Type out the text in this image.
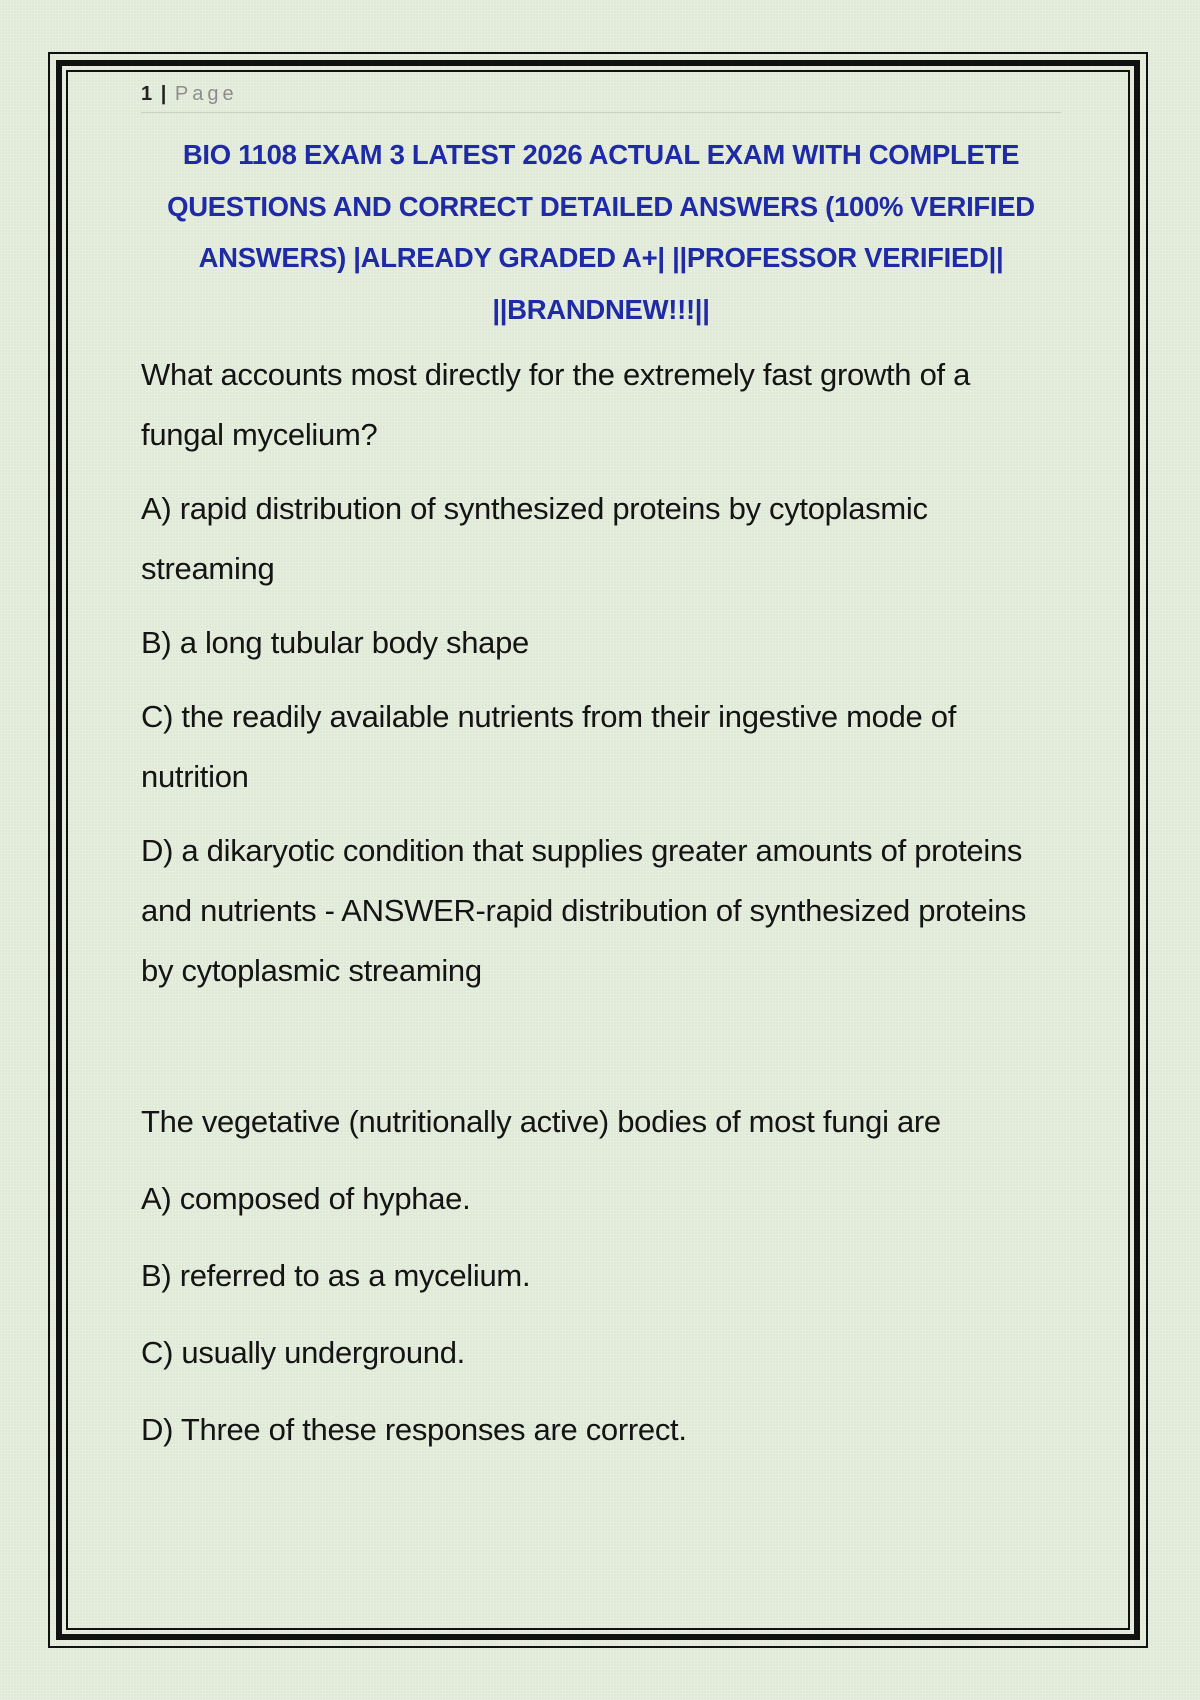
1 | Page
BIO 1108 EXAM 3 LATEST 2026 ACTUAL EXAM WITH COMPLETE QUESTIONS AND CORRECT DETAILED ANSWERS (100% VERIFIED ANSWERS) |ALREADY GRADED A+| ||PROFESSOR VERIFIED|| ||BRANDNEW!!!||

What accounts most directly for the extremely fast growth of a fungal mycelium?

A) rapid distribution of synthesized proteins by cytoplasmic streaming

B) a long tubular body shape

C) the readily available nutrients from their ingestive mode of nutrition

D) a dikaryotic condition that supplies greater amounts of proteins and nutrients - ANSWER-rapid distribution of synthesized proteins by cytoplasmic streaming

The vegetative (nutritionally active) bodies of most fungi are

A) composed of hyphae.

B) referred to as a mycelium.

C) usually underground.

D) Three of these responses are correct.
